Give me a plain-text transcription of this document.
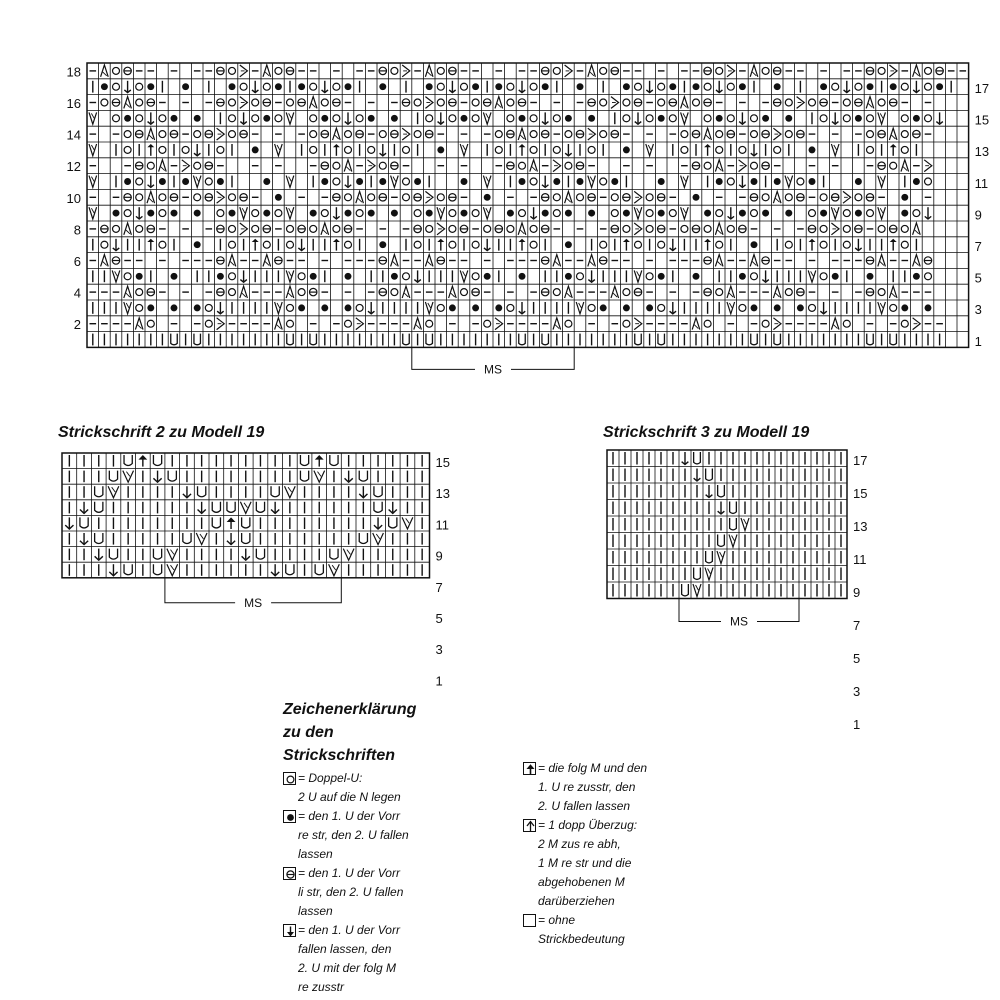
18
16
14
12
10
8
6
4
2
17
15
13
11
9
7
5
3
1
MS
Strickschrift 2 zu Modell 19
15
13
11
9
7
5
3
1
MS
Strickschrift 3 zu Modell 19
17
15
13
11
9
7
5
3
1
MS
Zeichenerklärung
zu den
Strickschriften
= Doppel-U:
2 U auf die N legen
= den 1. U der Vorr
re str, den 2. U fallen
lassen
= den 1. U der Vorr
li str, den 2. U fallen
lassen
= den 1. U der Vorr
fallen lassen, den
2. U mit der folg M
re zusstr
= die folg M und den
1. U re zusstr, den
2. U fallen lassen
= 1 dopp Überzug:
2 M zus re abh,
1 M re str und die
abgehobenen M
darüberziehen
= ohne
Strickbedeutung
